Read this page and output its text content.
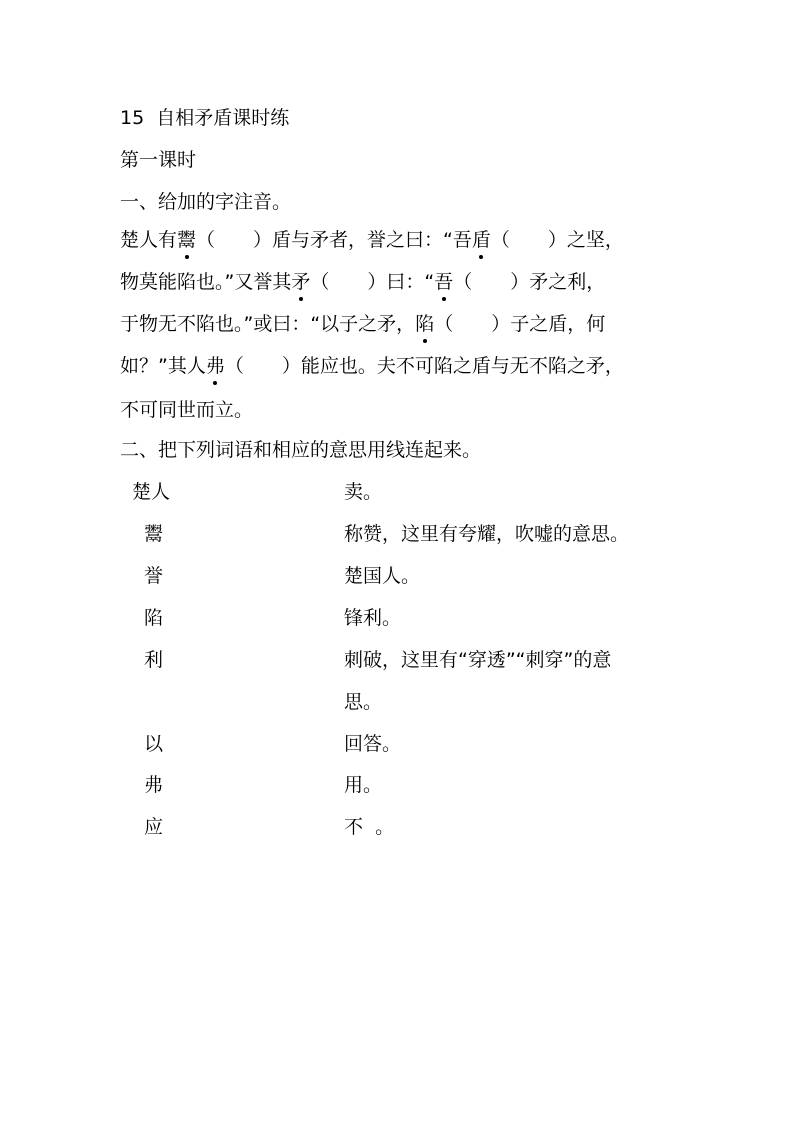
15  自相矛盾课时练
第一课时
一、给加的字注音。
楚人有鬻（　　）盾与矛者，誉之曰：“吾盾（　　）之坚，
物莫能陷也。”又誉其矛（　　）曰：“吾（　　）矛之利，
于物无不陷也。”或曰：“以子之矛，陷（　　）子之盾，何
如？”其人弗（　　）能应也。夫不可陷之盾与无不陷之矛，
不可同世而立。
二、把下列词语和相应的意思用线连起来。
楚人
鬻
誉
陷
利
以
弗
应
卖。
称赞，这里有夸耀，吹嘘的意思。
楚国人。
锋利。
刺破，这里有“穿透”“刺穿”的意
思。
回答。
用。
不  。
